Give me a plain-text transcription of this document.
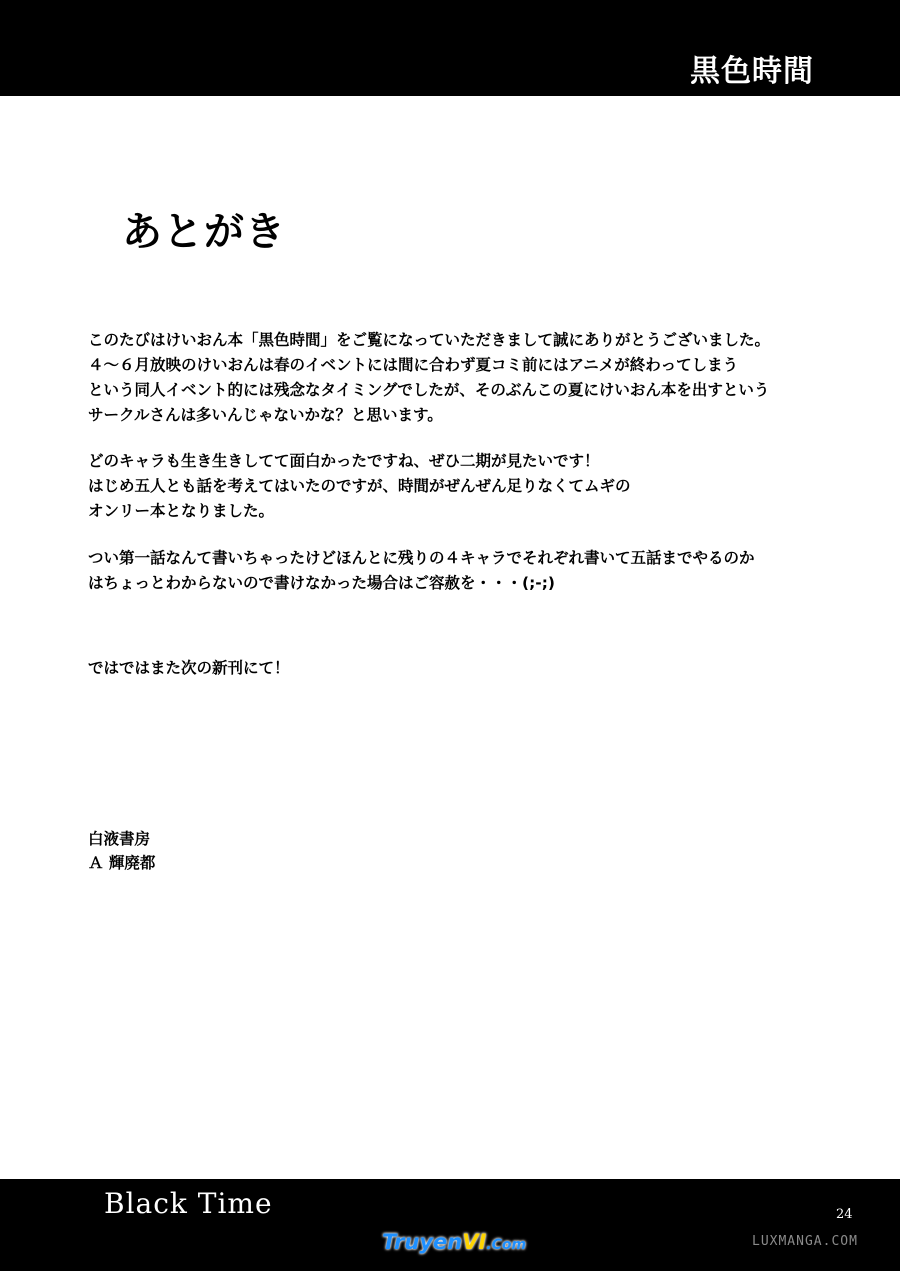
黒色時間
あとがき
このたびはけいおん本「黒色時間」をご覧になっていただきまして誠にありがとうございました。
４～６月放映のけいおんは春のイベントには間に合わず夏コミ前にはアニメが終わってしまう
という同人イベント的には残念なタイミングでしたが、そのぶんこの夏にけいおん本を出すという
サークルさんは多いんじゃないかな？と思います。
どのキャラも生き生きしてて面白かったですね、ぜひ二期が見たいです！
はじめ五人とも話を考えてはいたのですが、時間がぜんぜん足りなくてムギの
オンリー本となりました。
つい第一話なんて書いちゃったけどほんとに残りの４キャラでそれぞれ書いて五話までやるのか
はちょっとわからないので書けなかった場合はご容赦を・・・(;-;)
ではではまた次の新刊にて！
白液書房
Ａ 輝廃都
Black Time	24
TruyenVI.Com	LUXMANGA.COM
